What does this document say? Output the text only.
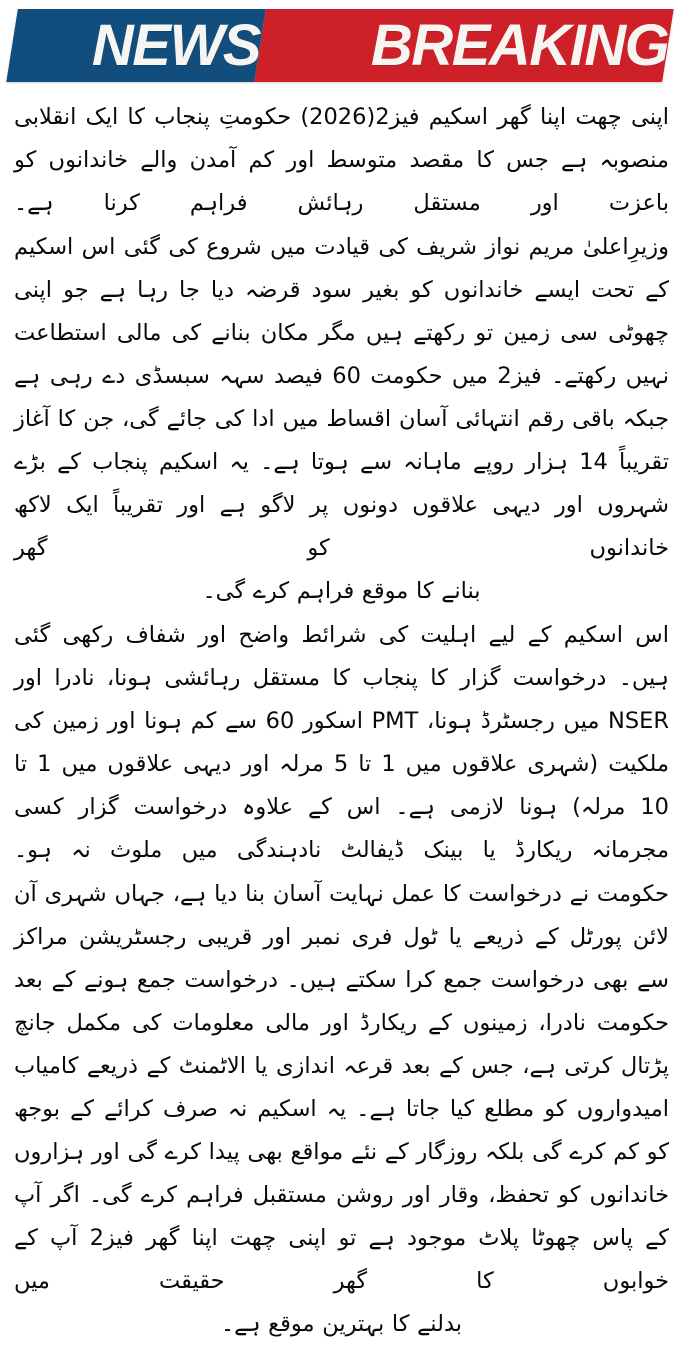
BREAKING
NEWS

اپنی چھت اپنا گھر اسکیم فیز2(2026) حکومتِ پنجاب کا ایک انقلابی منصوبہ ہے جس کا مقصد متوسط اور کم آمدن والے خاندانوں کو باعزت اور مستقل رہائش فراہم کرنا ہے۔

وزیرِاعلیٰ مریم نواز شریف کی قیادت میں شروع کی گئی اس اسکیم کے تحت ایسے خاندانوں کو بغیر سود قرضہ دیا جا رہا ہے جو اپنی چھوٹی سی زمین تو رکھتے ہیں مگر مکان بنانے کی مالی استطاعت نہیں رکھتے۔ فیز2 میں حکومت 60 فیصد سہہ سبسڈی دے رہی ہے جبکہ باقی رقم انتہائی آسان اقساط میں ادا کی جائے گی، جن کا آغاز تقریباً 14 ہزار روپے ماہانہ سے ہوتا ہے۔ یہ اسکیم پنجاب کے بڑے شہروں اور دیہی علاقوں دونوں پر لاگو ہے اور تقریباً ایک لاکھ خاندانوں کو گھر
بنانے کا موقع فراہم کرے گی۔

اس اسکیم کے لیے اہلیت کی شرائط واضح اور شفاف رکھی گئی ہیں۔ درخواست گزار کا پنجاب کا مستقل رہائشی ہونا، نادرا اور NSER میں رجسٹرڈ ہونا، PMT اسکور 60 سے کم ہونا اور زمین کی ملکیت (شہری علاقوں میں 1 تا 5 مرلہ اور دیہی علاقوں میں 1 تا 10 مرلہ) ہونا لازمی ہے۔ اس کے علاوہ درخواست گزار کسی مجرمانہ ریکارڈ یا بینک ڈیفالٹ نادہندگی میں ملوث نہ ہو۔

حکومت نے درخواست کا عمل نہایت آسان بنا دیا ہے، جہاں شہری آن لائن پورٹل کے ذریعے یا ٹول فری نمبر اور قریبی رجسٹریشن مراکز سے بھی درخواست جمع کرا سکتے ہیں۔ درخواست جمع ہونے کے بعد حکومت نادرا، زمینوں کے ریکارڈ اور مالی معلومات کی مکمل جانچ پڑتال کرتی ہے، جس کے بعد قرعہ اندازی یا الاٹمنٹ کے ذریعے کامیاب امیدواروں کو مطلع کیا جاتا ہے۔ یہ اسکیم نہ صرف کرائے کے بوجھ کو کم کرے گی بلکہ روزگار کے نئے مواقع بھی پیدا کرے گی اور ہزاروں خاندانوں کو تحفظ، وقار اور روشن مستقبل فراہم کرے گی۔ اگر آپ کے پاس چھوٹا پلاٹ موجود ہے تو اپنی چھت اپنا گھر فیز2 آپ کے خوابوں کا گھر حقیقت میں
بدلنے کا بہترین موقع ہے۔
